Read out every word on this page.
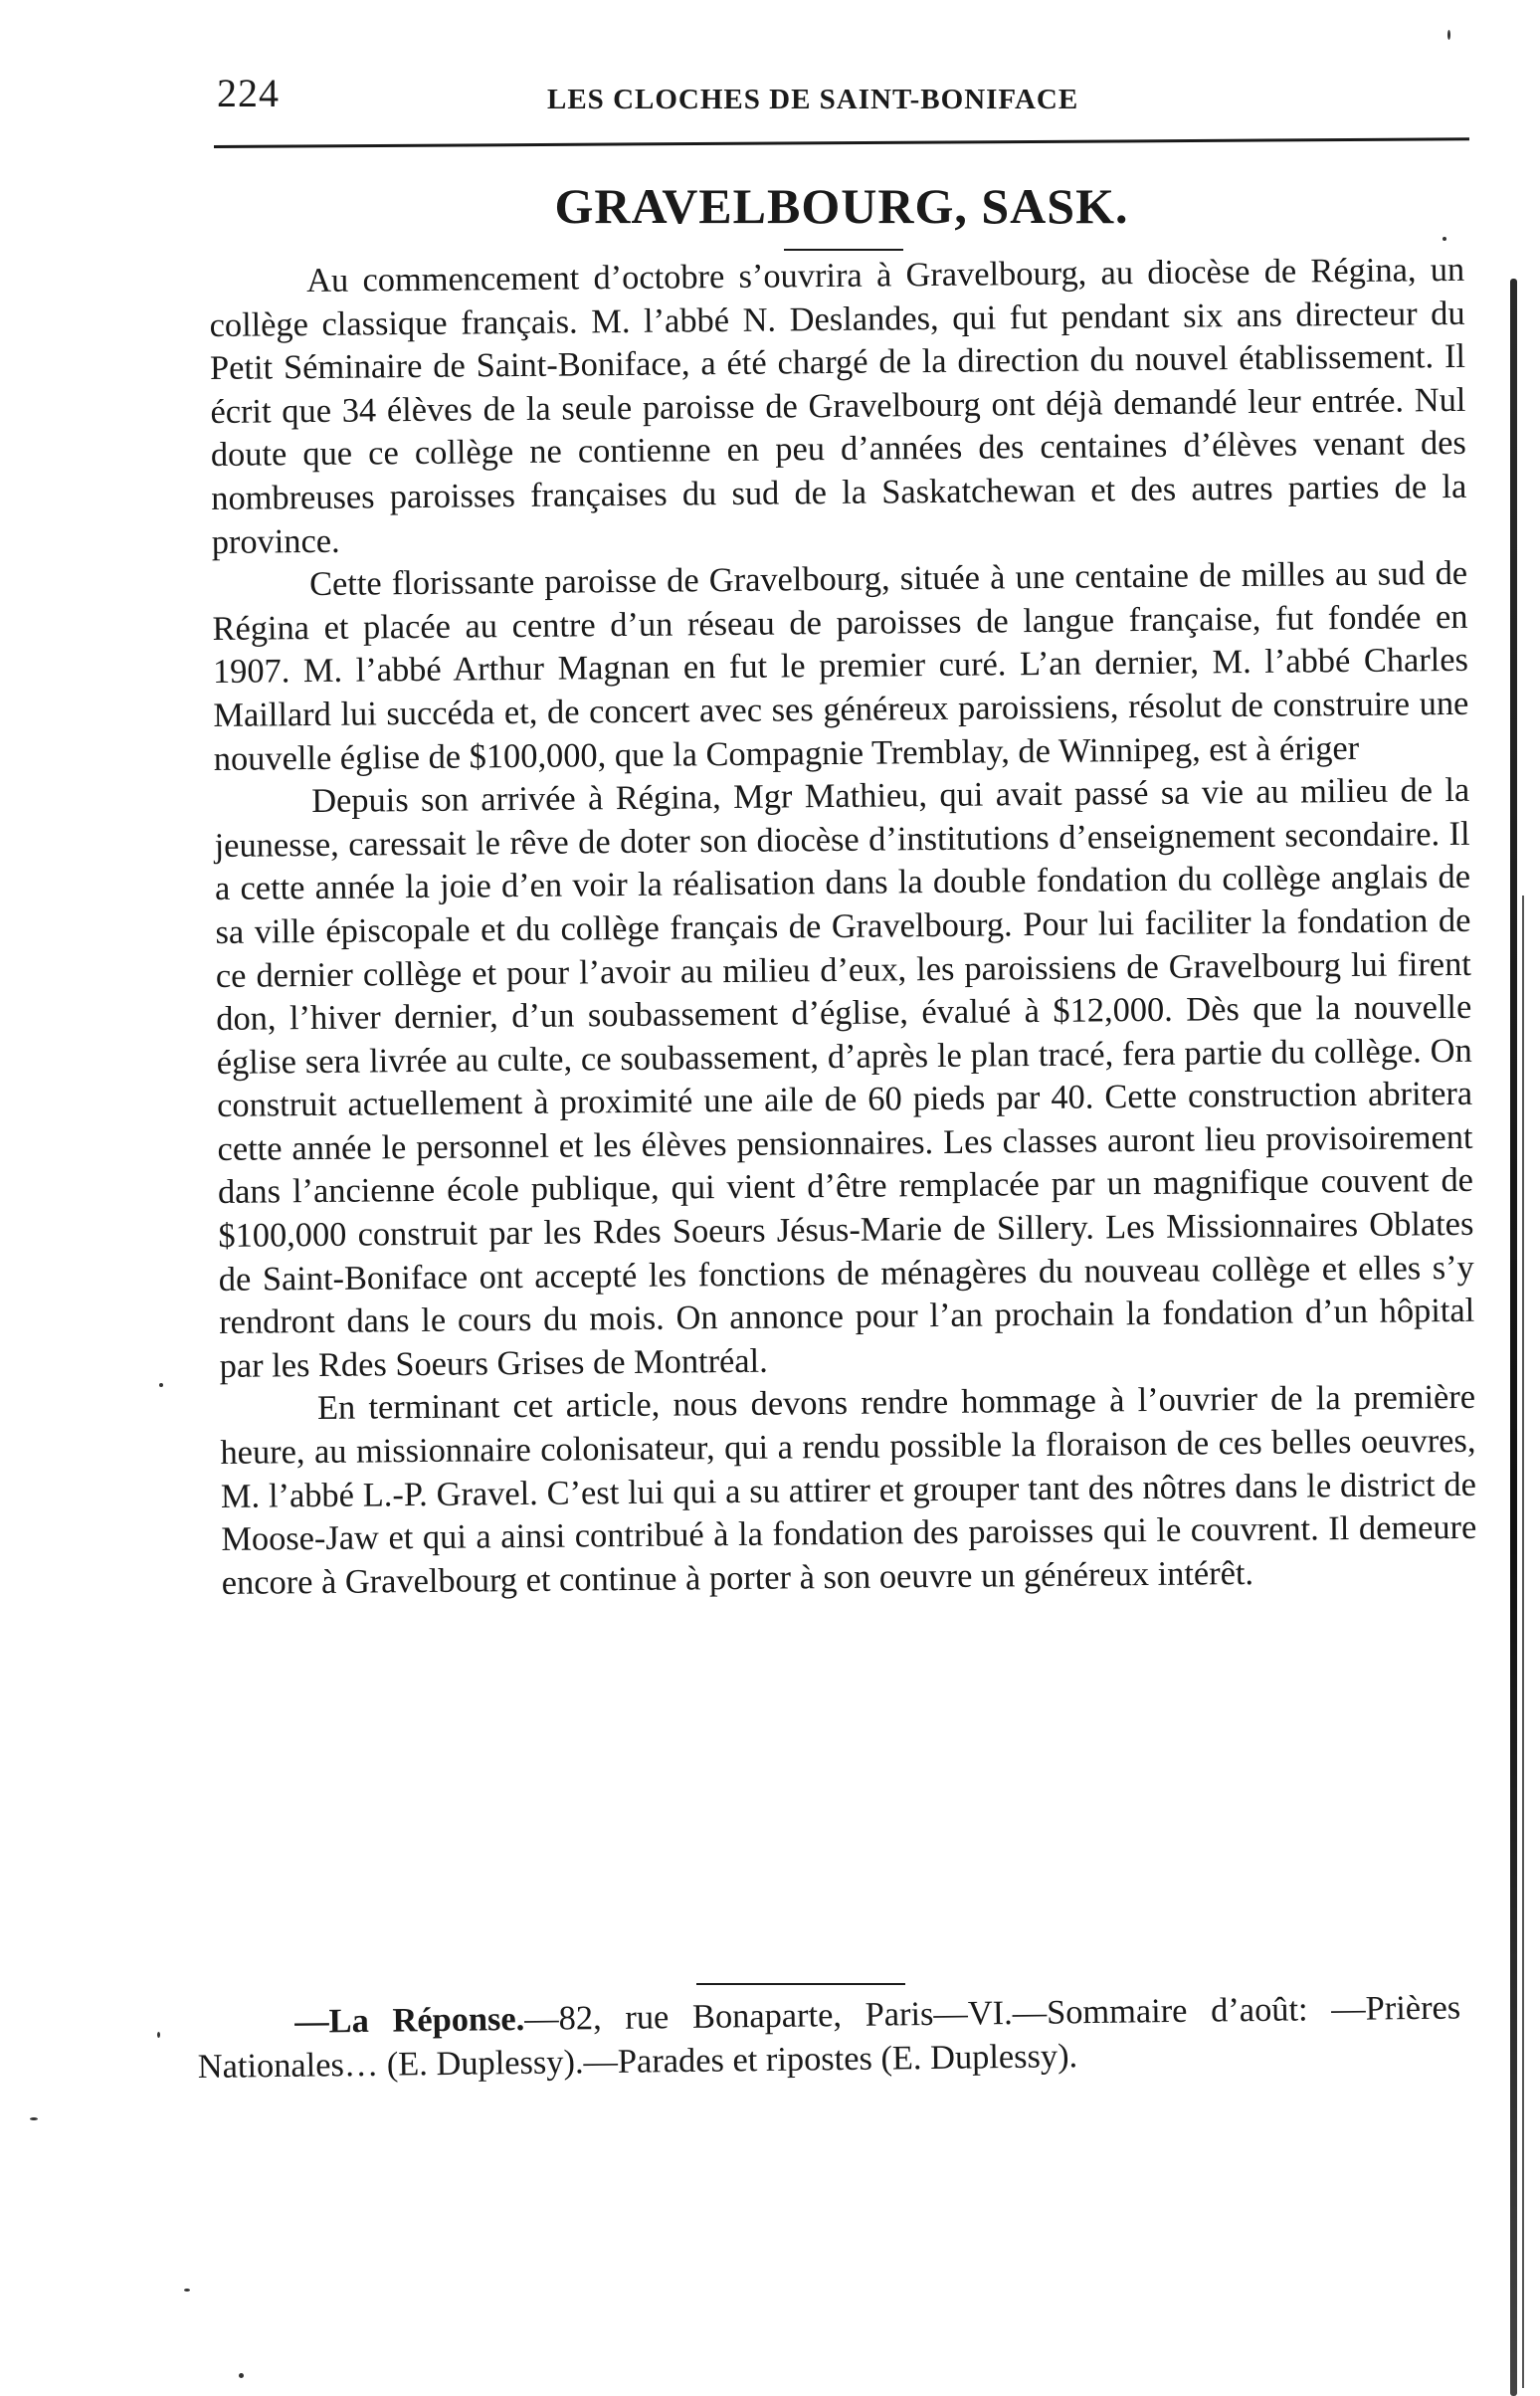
224	LES CLOCHES DE SAINT-BONIFACE
GRAVELBOURG, SASK.

Au commencement d’octobre s’ouvrira à Gravelbourg, au diocèse de Régina, un collège classique français. M. l’abbé N. Deslandes, qui fut pendant six ans directeur du Petit Séminaire de Saint-Boniface, a été chargé de la direction du nouvel établissement. Il écrit que 34 élèves de la seule paroisse de Gravelbourg ont déjà demandé leur entrée. Nul doute que ce collège ne contienne en peu d’années des centaines d’élèves venant des nombreuses paroisses françaises du sud de la Saskatchewan et des autres parties de la province.

Cette florissante paroisse de Gravelbourg, située à une centaine de milles au sud de Régina et placée au centre d’un réseau de paroisses de langue française, fut fondée en 1907. M. l’abbé Arthur Magnan en fut le premier curé. L’an dernier, M. l’abbé Charles Maillard lui succéda et, de concert avec ses généreux paroissiens, résolut de construire une nouvelle église de $100,000, que la Compagnie Tremblay, de Winnipeg, est à ériger

Depuis son arrivée à Régina, Mgr Mathieu, qui avait passé sa vie au milieu de la jeunesse, caressait le rêve de doter son diocèse d’institutions d’enseignement secondaire. Il a cette année la joie d’en voir la réalisation dans la double fondation du collège anglais de sa ville épiscopale et du collège français de Gravelbourg. Pour lui faciliter la fondation de ce dernier collège et pour l’avoir au milieu d’eux, les paroissiens de Gravelbourg lui firent don, l’hiver dernier, d’un soubassement d’église, évalué à $12,000. Dès que la nouvelle église sera livrée au culte, ce soubassement, d’après le plan tracé, fera partie du collège. On construit actuellement à proximité une aile de 60 pieds par 40. Cette construction abritera cette année le personnel et les élèves pensionnaires. Les classes auront lieu provisoirement dans l’ancienne école publique, qui vient d’être remplacée par un magnifique couvent de $100,000 construit par les Rdes Soeurs Jésus-Marie de Sillery. Les Missionnaires Oblates de Saint-Boniface ont accepté les fonctions de ménagères du nouveau collège et elles s’y rendront dans le cours du mois. On annonce pour l’an prochain la fondation d’un hôpital par les Rdes Soeurs Grises de Montréal.

En terminant cet article, nous devons rendre hommage à l’ouvrier de la première heure, au missionnaire colonisateur, qui a rendu possible la floraison de ces belles oeuvres, M. l’abbé L.-P. Gravel. C’est lui qui a su attirer et grouper tant des nôtres dans le district de Moose-Jaw et qui a ainsi contribué à la fondation des paroisses qui le couvrent. Il demeure encore à Gravelbourg et continue à porter à son oeuvre un généreux intérêt.

—La Réponse.—82, rue Bonaparte, Paris—VI.—Sommaire d’août: —Prières Nationales… (E. Duplessy).—Parades et ripostes (E. Duplessy).
